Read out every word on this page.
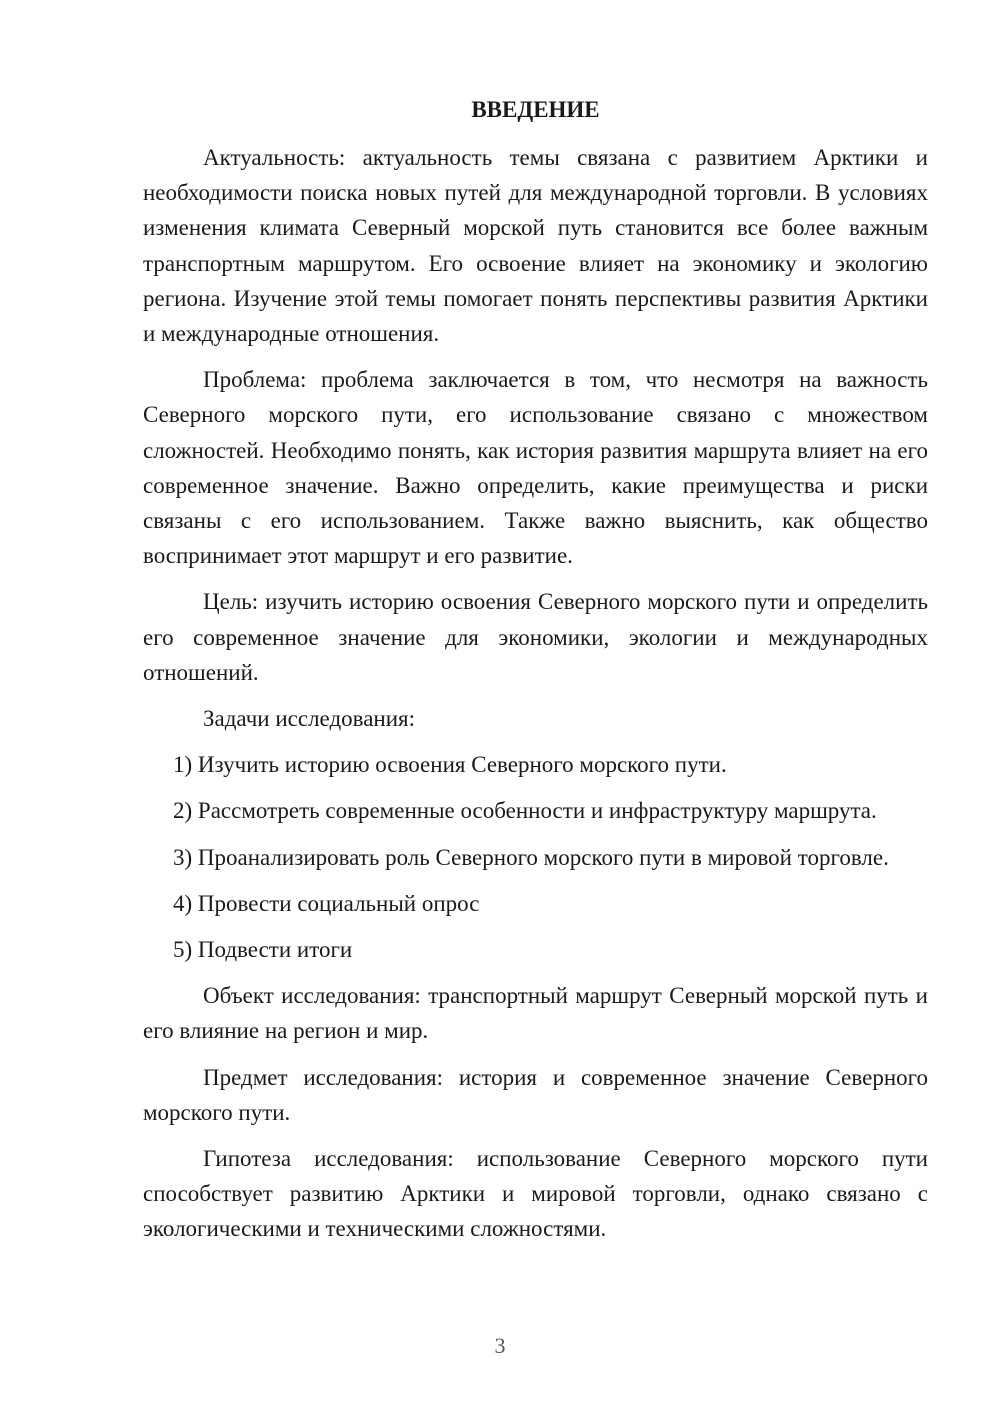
ВВЕДЕНИЕ

Актуальность: актуальность темы связана с развитием Арктики и необходимости поиска новых путей для международной торговли. В условиях изменения климата Северный морской путь становится все более важным транспортным маршрутом. Его освоение влияет на экономику и экологию региона. Изучение этой темы помогает понять перспективы развития Арктики и международные отношения.

Проблема: проблема заключается в том, что несмотря на важность Северного морского пути, его использование связано с множеством сложностей. Необходимо понять, как история развития маршрута влияет на его современное значение. Важно определить, какие преимущества и риски связаны с его использованием. Также важно выяснить, как общество воспринимает этот маршрут и его развитие.

Цель: изучить историю освоения Северного морского пути и определить его современное значение для экономики, экологии и международных отношений.

Задачи исследования:

1) Изучить историю освоения Северного морского пути.

2) Рассмотреть современные особенности и инфраструктуру маршрута.

3) Проанализировать роль Северного морского пути в мировой торговле.

4) Провести социальный опрос

5) Подвести итоги

Объект исследования: транспортный маршрут Северный морской путь и его влияние на регион и мир.

Предмет исследования: история и современное значение Северного морского пути.

Гипотеза исследования: использование Северного морского пути способствует развитию Арктики и мировой торговли, однако связано с экологическими и техническими сложностями.

3
